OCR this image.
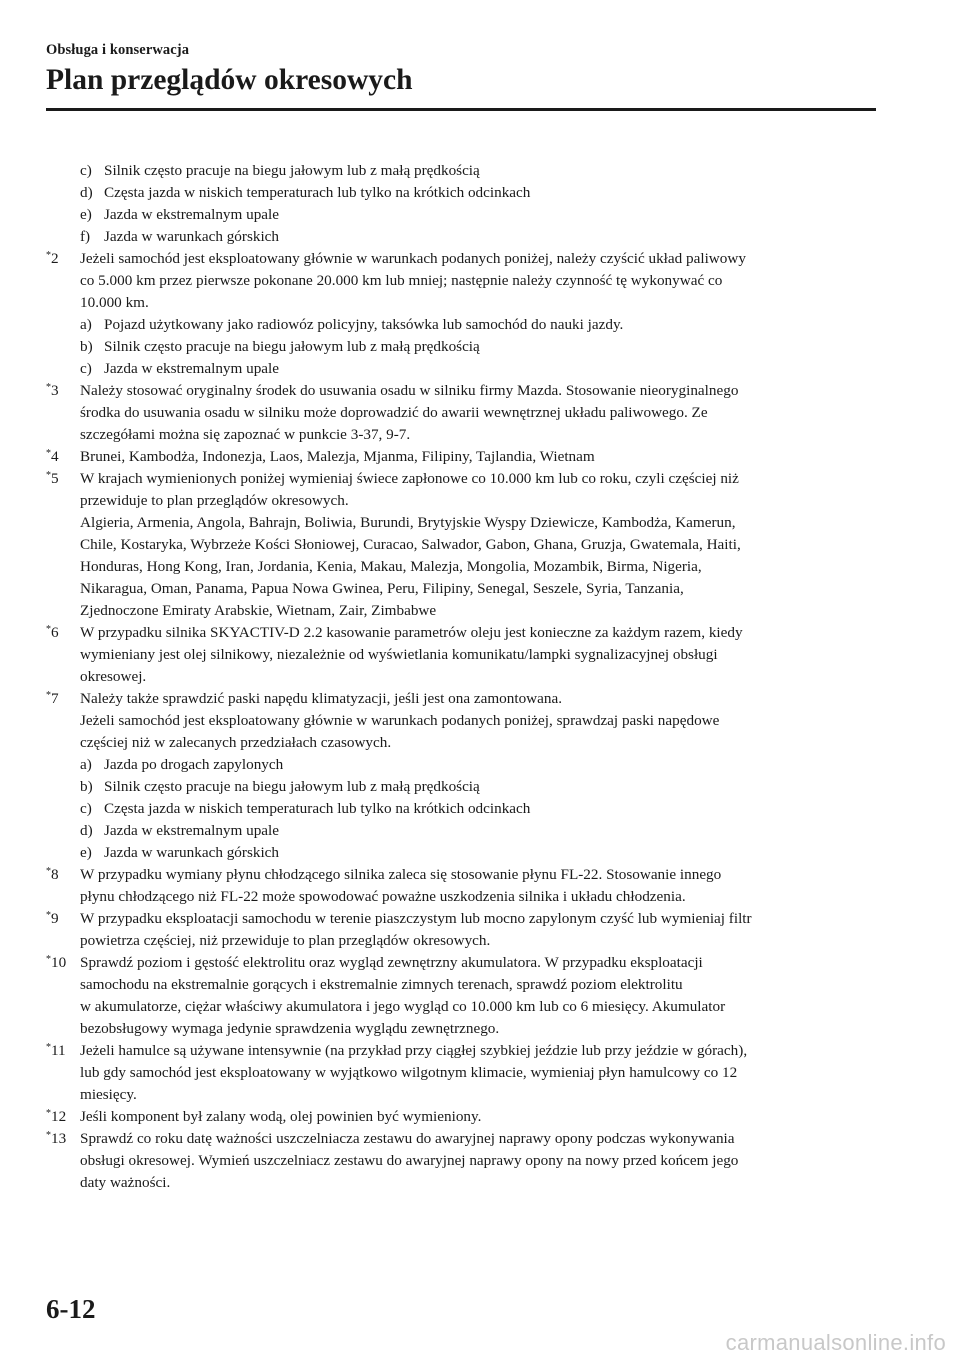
Obsługa i konserwacja
Plan przeglądów okresowych
c) Silnik często pracuje na biegu jałowym lub z małą prędkością
d) Częsta jazda w niskich temperaturach lub tylko na krótkich odcinkach
e) Jazda w ekstremalnym upale
f) Jazda w warunkach górskich
*2	Jeżeli samochód jest eksploatowany głównie w warunkach podanych poniżej, należy czyścić układ paliwowy
co 5.000 km przez pierwsze pokonane 20.000 km lub mniej; następnie należy czynność tę wykonywać co
10.000 km.
a) Pojazd użytkowany jako radiowóz policyjny, taksówka lub samochód do nauki jazdy.
b) Silnik często pracuje na biegu jałowym lub z małą prędkością
c) Jazda w ekstremalnym upale
*3	Należy stosować oryginalny środek do usuwania osadu w silniku firmy Mazda. Stosowanie nieoryginalnego
środka do usuwania osadu w silniku może doprowadzić do awarii wewnętrznej układu paliwowego. Ze
szczegółami można się zapoznać w punkcie 3-37, 9-7.
*4	Brunei, Kambodża, Indonezja, Laos, Malezja, Mjanma, Filipiny, Tajlandia, Wietnam
*5	W krajach wymienionych poniżej wymieniaj świece zapłonowe co 10.000 km lub co roku, czyli częściej niż
przewiduje to plan przeglądów okresowych.
Algieria, Armenia, Angola, Bahrajn, Boliwia, Burundi, Brytyjskie Wyspy Dziewicze, Kambodża, Kamerun,
Chile, Kostaryka, Wybrzeże Kości Słoniowej, Curacao, Salwador, Gabon, Ghana, Gruzja, Gwatemala, Haiti,
Honduras, Hong Kong, Iran, Jordania, Kenia, Makau, Malezja, Mongolia, Mozambik, Birma, Nigeria,
Nikaragua, Oman, Panama, Papua Nowa Gwinea, Peru, Filipiny, Senegal, Seszele, Syria, Tanzania,
Zjednoczone Emiraty Arabskie, Wietnam, Zair, Zimbabwe
*6	W przypadku silnika SKYACTIV-D 2.2 kasowanie parametrów oleju jest konieczne za każdym razem, kiedy
wymieniany jest olej silnikowy, niezależnie od wyświetlania komunikatu/lampki sygnalizacyjnej obsługi
okresowej.
*7	Należy także sprawdzić paski napędu klimatyzacji, jeśli jest ona zamontowana.
Jeżeli samochód jest eksploatowany głównie w warunkach podanych poniżej, sprawdzaj paski napędowe
częściej niż w zalecanych przedziałach czasowych.
a) Jazda po drogach zapylonych
b) Silnik często pracuje na biegu jałowym lub z małą prędkością
c) Częsta jazda w niskich temperaturach lub tylko na krótkich odcinkach
d) Jazda w ekstremalnym upale
e) Jazda w warunkach górskich
*8	W przypadku wymiany płynu chłodzącego silnika zaleca się stosowanie płynu FL-22. Stosowanie innego
płynu chłodzącego niż FL-22 może spowodować poważne uszkodzenia silnika i układu chłodzenia.
*9	W przypadku eksploatacji samochodu w terenie piaszczystym lub mocno zapylonym czyść lub wymieniaj filtr
powietrza częściej, niż przewiduje to plan przeglądów okresowych.
*10 Sprawdź poziom i gęstość elektrolitu oraz wygląd zewnętrzny akumulatora. W przypadku eksploatacji
samochodu na ekstremalnie gorących i ekstremalnie zimnych terenach, sprawdź poziom elektrolitu
w akumulatorze, ciężar właściwy akumulatora i jego wygląd co 10.000 km lub co 6 miesięcy. Akumulator
bezobsługowy wymaga jedynie sprawdzenia wyglądu zewnętrznego.
*11 Jeżeli hamulce są używane intensywnie (na przykład przy ciągłej szybkiej jeździe lub przy jeździe w górach),
lub gdy samochód jest eksploatowany w wyjątkowo wilgotnym klimacie, wymieniaj płyn hamulcowy co 12
miesięcy.
*12 Jeśli komponent był zalany wodą, olej powinien być wymieniony.
*13 Sprawdź co roku datę ważności uszczelniacza zestawu do awaryjnej naprawy opony podczas wykonywania
obsługi okresowej. Wymień uszczelniacz zestawu do awaryjnej naprawy opony na nowy przed końcem jego
daty ważności.
6-12
carmanualsonline.info
